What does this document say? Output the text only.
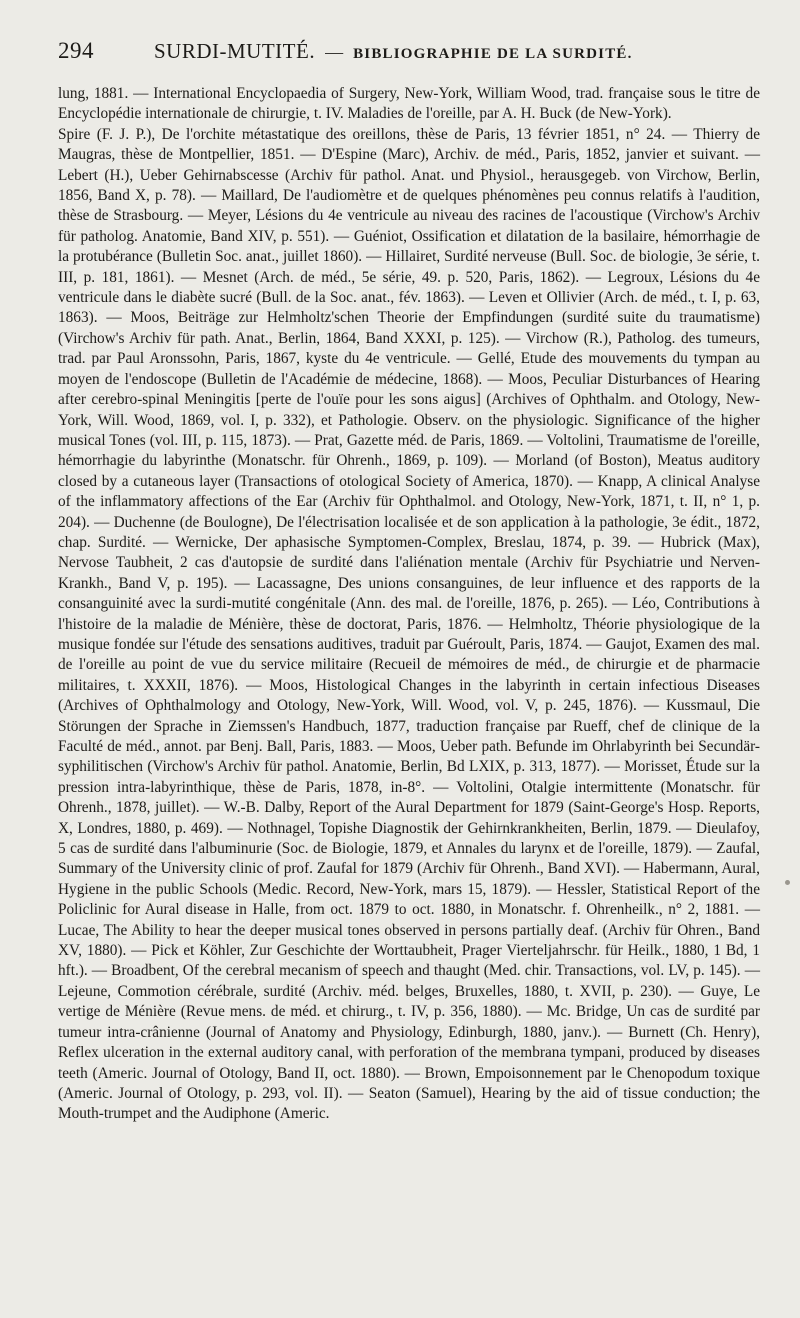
294	SURDI-MUTITÉ. — BIBLIOGRAPHIE DE LA SURDITÉ.

lung, 1881. — International Encyclopaedia of Surgery, New-York, William Wood, trad. française sous le titre de Encyclopédie internationale de chirurgie, t. IV. Maladies de l'oreille, par A. H. Buck (de New-York).

Spire (F. J. P.), De l'orchite métastatique des oreillons, thèse de Paris, 13 février 1851, n° 24. — Thierry de Maugras, thèse de Montpellier, 1851. — D'Espine (Marc), Archiv. de méd., Paris, 1852, janvier et suivant. — Lebert (H.), Ueber Gehirnabscesse (Archiv für pathol. Anat. und Physiol., herausgegeb. von Virchow, Berlin, 1856, Band X, p. 78). — Maillard, De l'audiomètre et de quelques phénomènes peu connus relatifs à l'audition, thèse de Strasbourg. — Meyer, Lésions du 4e ventricule au niveau des racines de l'acoustique (Virchow's Archiv für patholog. Anatomie, Band XIV, p. 551). — Guéniot, Ossification et dilatation de la basilaire, hémorrhagie de la protubérance (Bulletin Soc. anat., juillet 1860). — Hillairet, Surdité nerveuse (Bull. Soc. de biologie, 3e série, t. III, p. 181, 1861). — Mesnet (Arch. de méd., 5e série, 49. p. 520, Paris, 1862). — Legroux, Lésions du 4e ventricule dans le diabète sucré (Bull. de la Soc. anat., fév. 1863). — Leven et Ollivier (Arch. de méd., t. I, p. 63, 1863). — Moos, Beiträge zur Helmholtz'schen Theorie der Empfindungen (surdité suite du traumatisme) (Virchow's Archiv für path. Anat., Berlin, 1864, Band XXXI, p. 125). — Virchow (R.), Patholog. des tumeurs, trad. par Paul Aronssohn, Paris, 1867, kyste du 4e ventricule. — Gellé, Etude des mouvements du tympan au moyen de l'endoscope (Bulletin de l'Académie de médecine, 1868). — Moos, Peculiar Disturbances of Hearing after cerebro-spinal Meningitis [perte de l'ouïe pour les sons aigus] (Archives of Ophthalm. and Otology, New-York, Will. Wood, 1869, vol. I, p. 332), et Pathologie. Observ. on the physiologic. Significance of the higher musical Tones (vol. III, p. 115, 1873). — Prat, Gazette méd. de Paris, 1869. — Voltolini, Traumatisme de l'oreille, hémorrhagie du labyrinthe (Monatschr. für Ohrenh., 1869, p. 109). — Morland (of Boston), Meatus auditory closed by a cutaneous layer (Transactions of otological Society of America, 1870). — Knapp, A clinical Analyse of the inflammatory affections of the Ear (Archiv für Ophthalmol. and Otology, New-York, 1871, t. II, n° 1, p. 204). — Duchenne (de Boulogne), De l'électrisation localisée et de son application à la pathologie, 3e édit., 1872, chap. Surdité. — Wernicke, Der aphasische Symptomen-Complex, Breslau, 1874, p. 39. — Hubrick (Max), Nervose Taubheit, 2 cas d'autopsie de surdité dans l'aliénation mentale (Archiv für Psychiatrie und Nerven-Krankh., Band V, p. 195). — Lacassagne, Des unions consanguines, de leur influence et des rapports de la consanguinité avec la surdi-mutité congénitale (Ann. des mal. de l'oreille, 1876, p. 265). — Léo, Contributions à l'histoire de la maladie de Ménière, thèse de doctorat, Paris, 1876. — Helmholtz, Théorie physiologique de la musique fondée sur l'étude des sensations auditives, traduit par Guéroult, Paris, 1874. — Gaujot, Examen des mal. de l'oreille au point de vue du service militaire (Recueil de mémoires de méd., de chirurgie et de pharmacie militaires, t. XXXII, 1876). — Moos, Histological Changes in the labyrinth in certain infectious Diseases (Archives of Ophthalmology and Otology, New-York, Will. Wood, vol. V, p. 245, 1876). — Kussmaul, Die Störungen der Sprache in Ziemssen's Handbuch, 1877, traduction française par Rueff, chef de clinique de la Faculté de méd., annot. par Benj. Ball, Paris, 1883. — Moos, Ueber path. Befunde im Ohrlabyrinth bei Secundär-syphilitischen (Virchow's Archiv für pathol. Anatomie, Berlin, Bd LXIX, p. 313, 1877). — Morisset, Étude sur la pression intra-labyrinthique, thèse de Paris, 1878, in-8°. — Voltolini, Otalgie intermittente (Monatschr. für Ohrenh., 1878, juillet). — W.-B. Dalby, Report of the Aural Department for 1879 (Saint-George's Hosp. Reports, X, Londres, 1880, p. 469). — Nothnagel, Topishe Diagnostik der Gehirnkrankheiten, Berlin, 1879. — Dieulafoy, 5 cas de surdité dans l'albuminurie (Soc. de Biologie, 1879, et Annales du larynx et de l'oreille, 1879). — Zaufal, Summary of the University clinic of prof. Zaufal for 1879 (Archiv für Ohrenh., Band XVI). — Habermann, Aural, Hygiene in the public Schools (Medic. Record, New-York, mars 15, 1879). — Hessler, Statistical Report of the Policlinic for Aural disease in Halle, from oct. 1879 to oct. 1880, in Monatschr. f. Ohrenheilk., n° 2, 1881. — Lucae, The Ability to hear the deeper musical tones observed in persons partially deaf. (Archiv für Ohren., Band XV, 1880). — Pick et Köhler, Zur Geschichte der Worttaubheit, Prager Vierteljahrschr. für Heilk., 1880, 1 Bd, 1 hft.). — Broadbent, Of the cerebral mecanism of speech and thaught (Med. chir. Transactions, vol. LV, p. 145). — Lejeune, Commotion cérébrale, surdité (Archiv. méd. belges, Bruxelles, 1880, t. XVII, p. 230). — Guye, Le vertige de Ménière (Revue mens. de méd. et chirurg., t. IV, p. 356, 1880). — Mc. Bridge, Un cas de surdité par tumeur intra-crânienne (Journal of Anatomy and Physiology, Edinburgh, 1880, janv.). — Burnett (Ch. Henry), Reflex ulceration in the external auditory canal, with perforation of the membrana tympani, produced by diseases teeth (Americ. Journal of Otology, Band II, oct. 1880). — Brown, Empoisonnement par le Chenopodum toxique (Americ. Journal of Otology, p. 293, vol. II). — Seaton (Samuel), Hearing by the aid of tissue conduction; the Mouth-trumpet and the Audiphone (Americ.
